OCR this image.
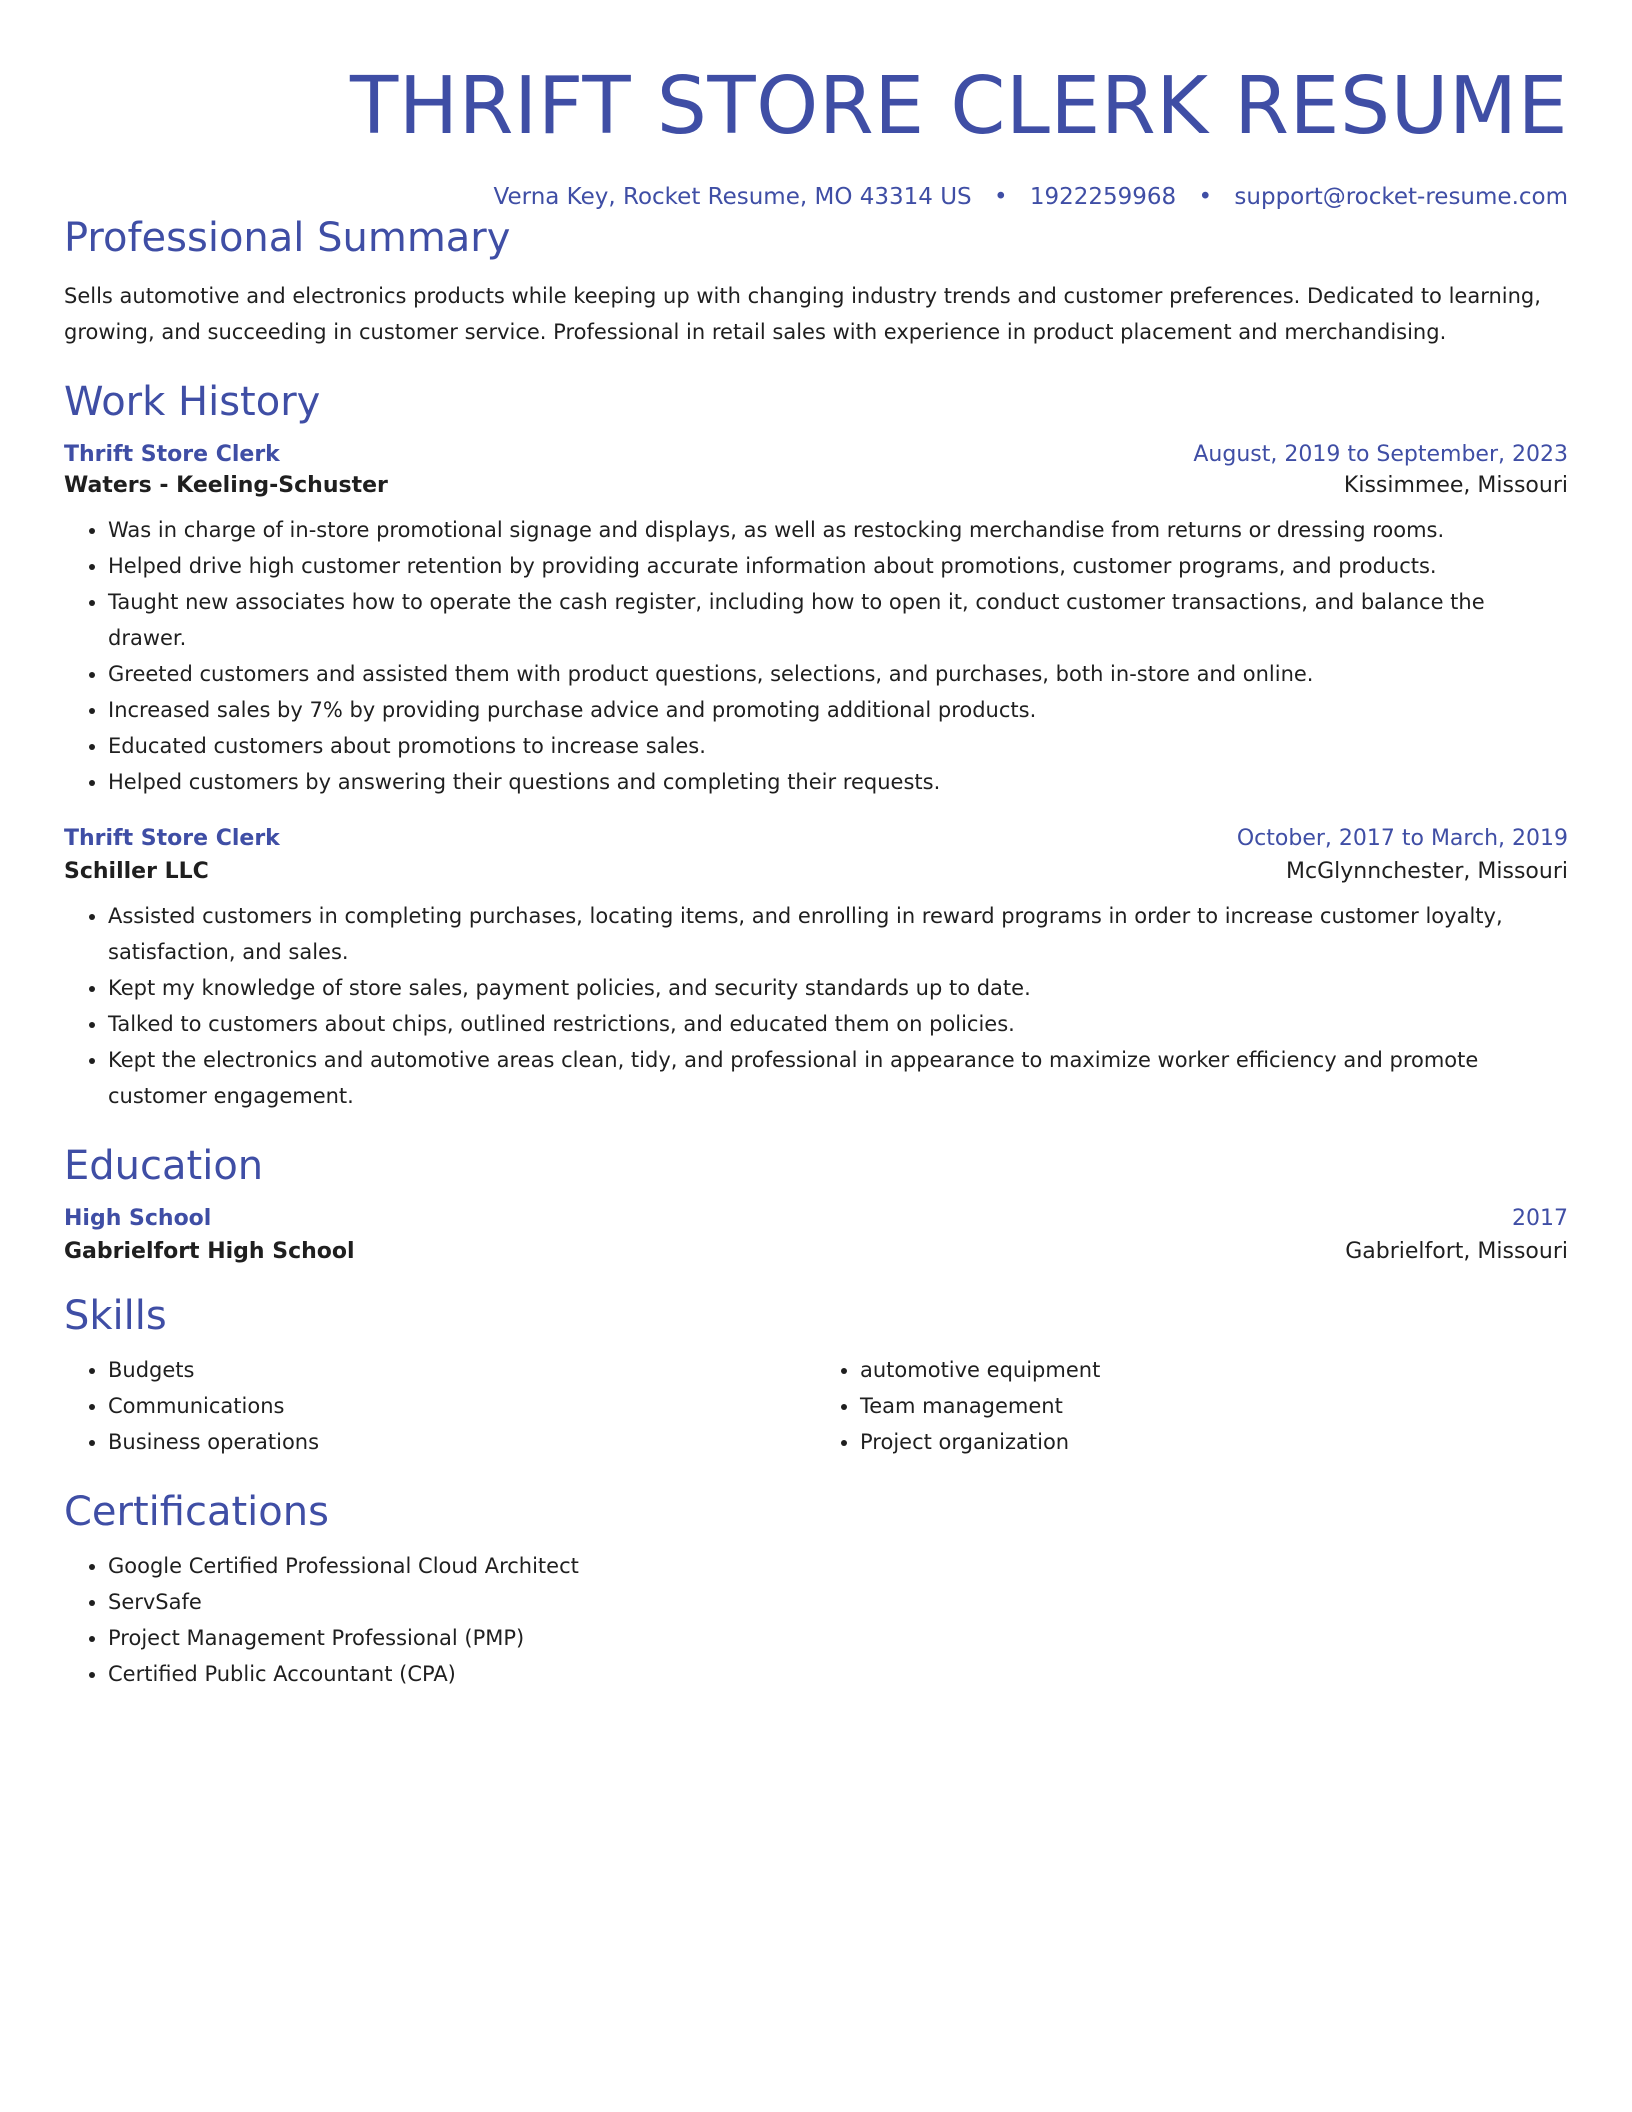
THRIFT STORE CLERK RESUME
Verna Key, Rocket Resume, MO 43314 US • 1922259968 • support@rocket-resume.com
Professional Summary

Sells automotive and electronics products while keeping up with changing industry trends and customer preferences. Dedicated to learning, growing, and succeeding in customer service. Professional in retail sales with experience in product placement and merchandising.

Work History
Thrift Store Clerk	August, 2019 to September, 2023
Waters - Keeling-Schuster	Kissimmee, Missouri
• Was in charge of in-store promotional signage and displays, as well as restocking merchandise from returns or dressing rooms.
• Helped drive high customer retention by providing accurate information about promotions, customer programs, and products.
• Taught new associates how to operate the cash register, including how to open it, conduct customer transactions, and balance the drawer.
• Greeted customers and assisted them with product questions, selections, and purchases, both in-store and online.
• Increased sales by 7% by providing purchase advice and promoting additional products.
• Educated customers about promotions to increase sales.
• Helped customers by answering their questions and completing their requests.
Thrift Store Clerk	October, 2017 to March, 2019
Schiller LLC	McGlynnchester, Missouri
• Assisted customers in completing purchases, locating items, and enrolling in reward programs in order to increase customer loyalty, satisfaction, and sales.
• Kept my knowledge of store sales, payment policies, and security standards up to date.
• Talked to customers about chips, outlined restrictions, and educated them on policies.
• Kept the electronics and automotive areas clean, tidy, and professional in appearance to maximize worker efficiency and promote customer engagement.
Education
High School	2017
Gabrielfort High School	Gabrielfort, Missouri
Skills
• Budgets
• Communications
• Business operations
• automotive equipment
• Team management
• Project organization
Certifications
• Google Certified Professional Cloud Architect
• ServSafe
• Project Management Professional (PMP)
• Certified Public Accountant (CPA)
